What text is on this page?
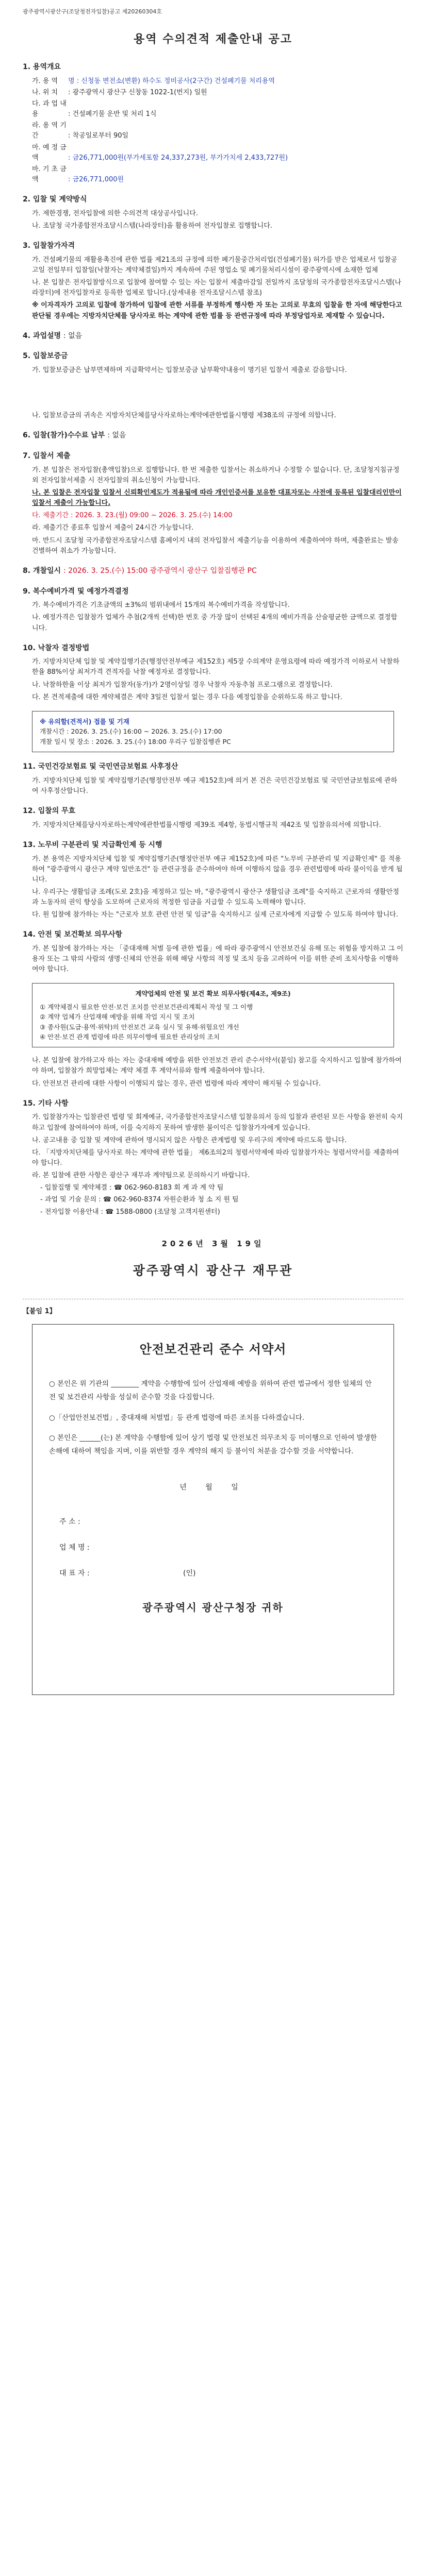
광주광역시광산구(조달청전자입찰)공고 제20260304호
용역 수의견적 제출안내 공고
1. 용역개요
가. 용 역 명 : 신청동 변전소(변환) 하수도 정비공사(2구간) 건설폐기물 처리용역
나. 위 치 : 광주광역시 광산구 신창동 1022-1(번지) 일원
다. 과 업 내 용	: 건설폐기물 운반 및 처리 1식
라. 용 역 기 간	: 착공일로부터 90일
마. 예 정 금 액	: 금26,771,000원(부가세포함 24,337,273원, 부가가치세 2,433,727원)
바. 기 초 금 액	: 금26,771,000원
2. 입찰 및 계약방식
가. 제한경쟁, 전자입찰에 의한 수의견적 대상공사입니다.
나. 조달청 국가종합전자조달시스템(나라장터)을 활용하여 전자입찰로 집행합니다.
3. 입찰참가자격
가. 건설폐기물의 재활용촉진에 관한 법률 제21조의 규정에 의한 폐기물중간처리업(건설폐기물) 허가를 받은 업체로서 입찰공고일 전일부터 입찰일(낙찰자는 계약체결일)까지 계속하여 주된 영업소 및 폐기물처리시설이 광주광역시에 소재한 업체
나. 본 입찰은 전자입찰방식으로 입찰에 참여할 수 있는 자는 입찰서 제출마감일 전일까지 조달청의 국가종합전자조달시스템(나라장터)에 전자입찰자로 등록한 업체로 합니다.(상세내용 전자조달시스템 참조)
※ 이자격자가 고의로 입찰에 참가하여 입찰에 관한 서류를 부정하게 행사한 자 또는 고의로 무효의 입찰을 한 자에 해당한다고 판단될 경우에는 지방자치단체를 당사자로 하는 계약에 관한 법률 등 관련규정에 따라 부정당업자로 제재할 수 있습니다.
4. 과업설명 : 없음
5. 입찰보증금
가. 입찰보증금은 납부면제하며 지급확약서는 입찰보증금 납부확약내용이 명기된 입찰서 제출로 갈음합니다.
나. 입찰보증금의 귀속은 지방자치단체를당사자로하는계약에관한법률시행령 제38조의 규정에 의합니다.
6. 입찰(참가)수수료 납부 : 없음
7. 입찰서 제출
가. 본 입찰은 전자입찰(총액입찰)으로 집행합니다. 한 번 제출한 입찰서는 취소하거나 수정할 수 없습니다. 단, 조달청지침규정 외 전자입찰서제출 시 전자입찰의 취소신청이 가능합니다.
나. 본 입찰은 전자입찰 입찰서 신뢰확인제도가 적용됨에 따라 개인인증서를 보유한 대표자또는 사전에 등록된 입찰대리인만이 입찰서 제출이 가능합니다.
다. 제출기간 : 2026. 3. 23.(월) 09:00 ~ 2026. 3. 25.(수) 14:00
라. 제출기간 종료후 입찰서 제출이 24시간 가능합니다.
마. 반드시 조달청 국가종합전자조달시스템 홈페이지 내의 전자입찰서 제출기능을 이용하여 제출하여야 하며, 제출완료는 발송건별하여 취소가 가능합니다.
8. 개찰일시 : 2026. 3. 25.(수) 15:00 광주광역시 광산구 입찰집행관 PC
9. 복수예비가격 및 예정가격결정
가. 복수예비가격은 기초금액의 ±3%의 범위내에서 15개의 복수예비가격을 작성합니다.
나. 예정가격은 입찰참가 업체가 추첨(2개씩 선택)한 번호 중 가장 많이 선택된 4개의 예비가격을 산술평균한 금액으로 결정합니다.
10. 낙찰자 결정방법
가. 지방자치단체 입찰 및 계약집행기준(행정안전부예규 제152호) 제5장 수의계약 운영요령에 따라 예정가격 이하로서 낙찰하한율 88%이상 최저가격 견적자를 낙찰 예정자로 결정합니다.
나. 낙찰하한율 이상 최저가 입찰자(동가)가 2명이상일 경우 낙찰자 자동추첨 프로그램으로 결정합니다.
다. 본 견적제출에 대한 계약체결은 계약 3일전 입찰서 없는 경우 다음 예정입찰을 순위하도록 하고 합니다.
※ 유의할(견적서) 접를 및 기재
개찰시간 : 2026. 3. 25.(수) 16:00 ~ 2026. 3. 25.(수) 17:00
개찰 일시 및 장소 : 2026. 3. 25.(수) 18:00 우리구 입찰집행관 PC
11. 국민건강보험료 및 국민연금보험료 사후정산
가. 지방자치단체 입찰 및 계약집행기준(행정안전부 예규 제152호)에 의거 본 건은 국민건강보험료 및 국민연금보험료에 관하여 사후정산합니다.
12. 입찰의 무효
가. 지방자치단체를당사자로하는계약에관한법률시행령 제39조 제4항, 동법시행규칙 제42조 및 입찰유의서에 의합니다.
13. 노무비 구분관리 및 지급확인제 등 시행
가. 본 용역은 지방자치단체 입찰 및 계약집행기준(행정안전부 예규 제152호)에 따른 "노무비 구분관리 및 지급확인제" 를 적용하여 "광주광역시 광산구 계약 일반조건" 등 관련규정을 준수하여야 하며 이행하지 않을 경우 관련법령에 따라 불이익을 받게 됩니다.
나. 우리구는 생활임금 조례(도로 2호)을 제정하고 있는 바, "광주광역시 광산구 생활임금 조례"를 숙지하고 근로자의 생활안정과 노동자의 권익 향상을 도모하며 근로자의 적정한 임금을 지급할 수 있도록 노력해야 합니다.
다. 원 입찰에 참가하는 자는 "근로자 보호 관련 안전 및 임금"을 숙지하시고 실제 근로자에게 지급할 수 있도록 하여야 합니다.
14. 안전 및 보건확보 의무사항
가. 본 입찰에 참가하는 자는 「중대재해 처벌 등에 관한 법률」에 따라 광주광역시 안전보건실 유해 또는 위험을 방지하고 그 이용자 또는 그 밖의 사람의 생명·신체의 안전을 위해 해당 사항의 적정 및 조치 등을 고려하여 이를 위한 준비 조치사항을 이행하여야 합니다.
계약업체의 안전 및 보건 확보 의무사항(제4조, 제9조)
① 계약체결시 필요한 안전·보건 조치를 안전보건관리계획서 작성 및 그 이행
② 계약 업체가 산업재해 예방을 위해 작업 지시 및 조치
③ 종사원(도급·용역·위탁)의 안전보건 교육 실시 및 유해·위험요인 개선
④ 안전·보건 관계 법령에 따른 의무이행에 필요한 관리상의 조치
나. 본 입찰에 참가하고자 하는 자는 중대재해 예방을 위한 안전보건 관리 준수서약서(붙임) 참고를 숙지하시고 입찰에 참가하여야 하며, 입찰참가 희망업체는 계약 체결 후 계약서류와 함께 제출하여야 합니다.
다. 안전보건 관리에 대한 사항이 이행되지 않는 경우, 관련 법령에 따라 계약이 해지될 수 있습니다.
15. 기타 사항
가. 입찰참가자는 입찰관련 법령 및 회계예규, 국가종합전자조달시스템 입찰유의서 등의 입찰과 관련된 모든 사항을 완전히 숙지하고 입찰에 참여하여야 하며, 이를 숙지하지 못하여 발생한 불이익은 입찰참가자에게 있습니다.
나. 공고내용 중 입찰 및 계약에 관하여 명시되지 않은 사항은 관계법령 및 우리구의 계약에 따르도록 합니다.
다. 「지방자치단체를 당사자로 하는 계약에 관한 법률」 제6조의2의 청렴서약제에 따라 입찰참가자는 청렴서약서를 제출하여야 합니다.
라. 본 입찰에 관한 사항은 광산구 재무과 계약팀으로 문의하시기 바랍니다.
- 입찰집행 및 계약체결 : ☎ 062-960-8183 회 계 과 계 약 팀
- 과업 및 기술 문의 : ☎ 062-960-8374 자원순환과 청 소 지 원 팀
- 전자입찰 이용안내 : ☎ 1588-0800 (조달청 고객지원센터)
2026년 3월 19일
광주광역시 광산구 재무관
【붙임 1】
안전보건관리 준수 서약서
○ 본인은 위 기관의 ________ 계약을 수행함에 있어 산업재해 예방을 위하여 관련 법규에서 정한 일체의 안전 및 보건관리 사항을 성실히 준수할 것을 다짐합니다.
○「산업안전보건법」, 중대재해 처벌법」등 관계 법령에 따른 조치를 다하겠습니다.
○ 본인은 ______(는) 본 계약을 수행함에 있어 상기 법령 및 안전보건 의무조치 등 미이행으로 인하여 발생한 손해에 대하여 책임을 지며, 이를 위반할 경우 계약의 해지 등 불이익 처분을 감수할 것을 서약합니다.
년 월 일
주 소 :
업 체 명 :
대 표 자 :	(인)
광주광역시 광산구청장 귀하
